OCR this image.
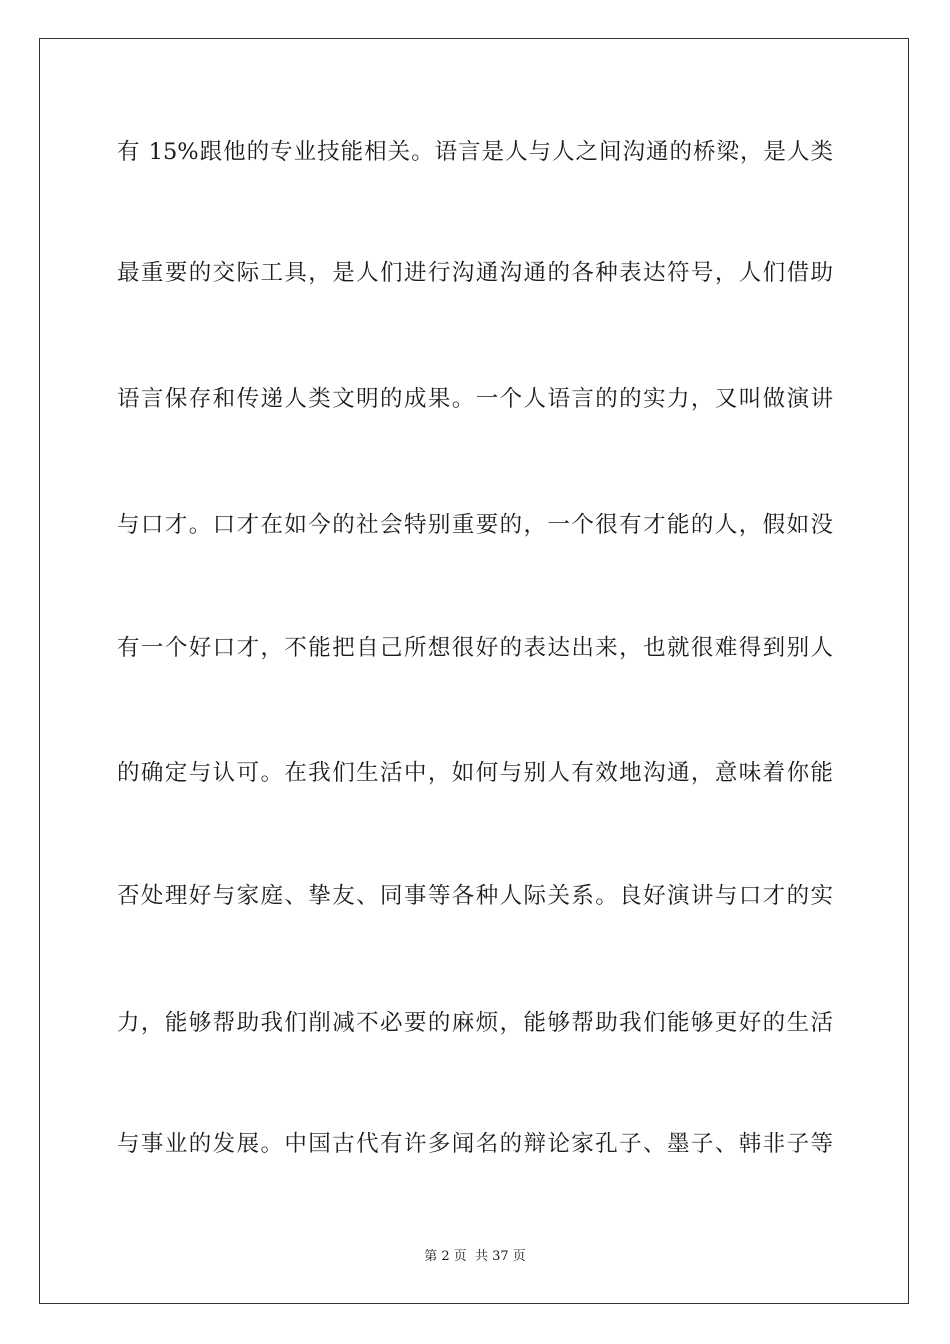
有 15%跟他的专业技能相关。语言是人与人之间沟通的桥梁，是人类
最重要的交际工具，是人们进行沟通沟通的各种表达符号，人们借助
语言保存和传递人类文明的成果。一个人语言的的实力，又叫做演讲
与口才。口才在如今的社会特别重要的，一个很有才能的人，假如没
有一个好口才，不能把自己所想很好的表达出来，也就很难得到别人
的确定与认可。在我们生活中，如何与别人有效地沟通，意味着你能
否处理好与家庭、挚友、同事等各种人际关系。良好演讲与口才的实
力，能够帮助我们削减不必要的麻烦，能够帮助我们能够更好的生活
与事业的发展。中国古代有许多闻名的辩论家孔子、墨子、韩非子等
第 2 页 共 37 页
